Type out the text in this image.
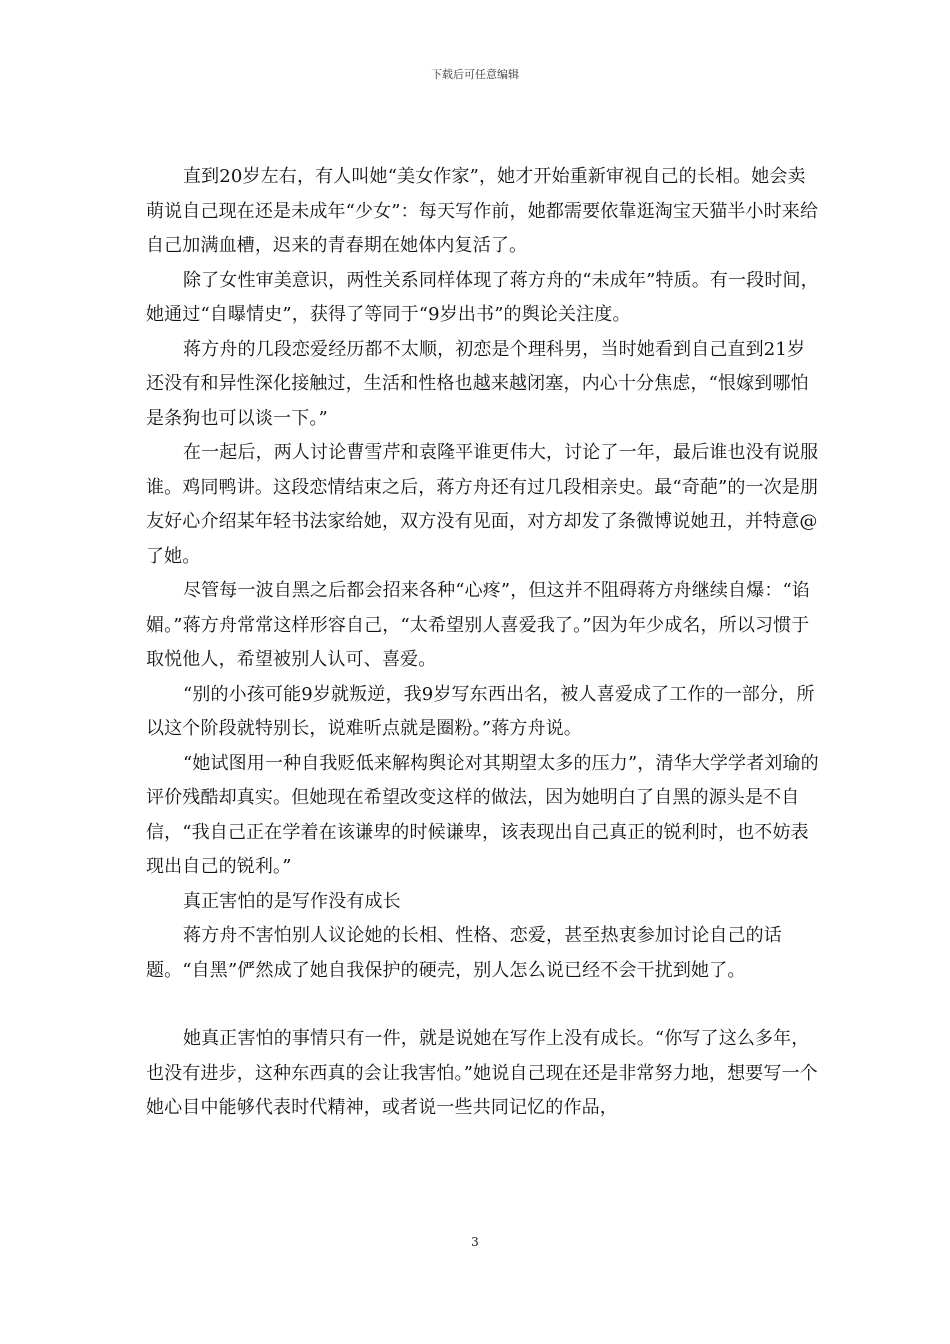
下载后可任意编辑

直到20岁左右，有人叫她“美女作家”，她才开始重新审视自己的长相。她会卖萌说自己现在还是未成年“少女”：每天写作前，她都需要依靠逛淘宝天猫半小时来给自己加满血槽，迟来的青春期在她体内复活了。

除了女性审美意识，两性关系同样体现了蒋方舟的“未成年”特质。有一段时间，她通过“自曝情史”，获得了等同于“9岁出书”的舆论关注度。

蒋方舟的几段恋爱经历都不太顺，初恋是个理科男，当时她看到自己直到21岁还没有和异性深化接触过，生活和性格也越来越闭塞，内心十分焦虑，“恨嫁到哪怕是条狗也可以谈一下。”

在一起后，两人讨论曹雪芹和袁隆平谁更伟大，讨论了一年，最后谁也没有说服谁。鸡同鸭讲。这段恋情结束之后，蒋方舟还有过几段相亲史。最“奇葩”的一次是朋友好心介绍某年轻书法家给她，双方没有见面，对方却发了条微博说她丑，并特意@了她。

尽管每一波自黑之后都会招来各种“心疼”，但这并不阻碍蒋方舟继续自爆：“谄媚。”蒋方舟常常这样形容自己，“太希望别人喜爱我了。”因为年少成名，所以习惯于取悦他人，希望被别人认可、喜爱。

“别的小孩可能9岁就叛逆，我9岁写东西出名，被人喜爱成了工作的一部分，所以这个阶段就特别长，说难听点就是圈粉。”蒋方舟说。

“她试图用一种自我贬低来解构舆论对其期望太多的压力”，清华大学学者刘瑜的评价残酷却真实。但她现在希望改变这样的做法，因为她明白了自黑的源头是不自信，“我自己正在学着在该谦卑的时候谦卑，该表现出自己真正的锐利时，也不妨表现出自己的锐利。”

真正害怕的是写作没有成长

蒋方舟不害怕别人议论她的长相、性格、恋爱，甚至热衷参加讨论自己的话题。“自黑”俨然成了她自我保护的硬壳，别人怎么说已经不会干扰到她了。

她真正害怕的事情只有一件，就是说她在写作上没有成长。“你写了这么多年，也没有进步，这种东西真的会让我害怕。”她说自己现在还是非常努力地，想要写一个她心目中能够代表时代精神，或者说一些共同记忆的作品，

3
